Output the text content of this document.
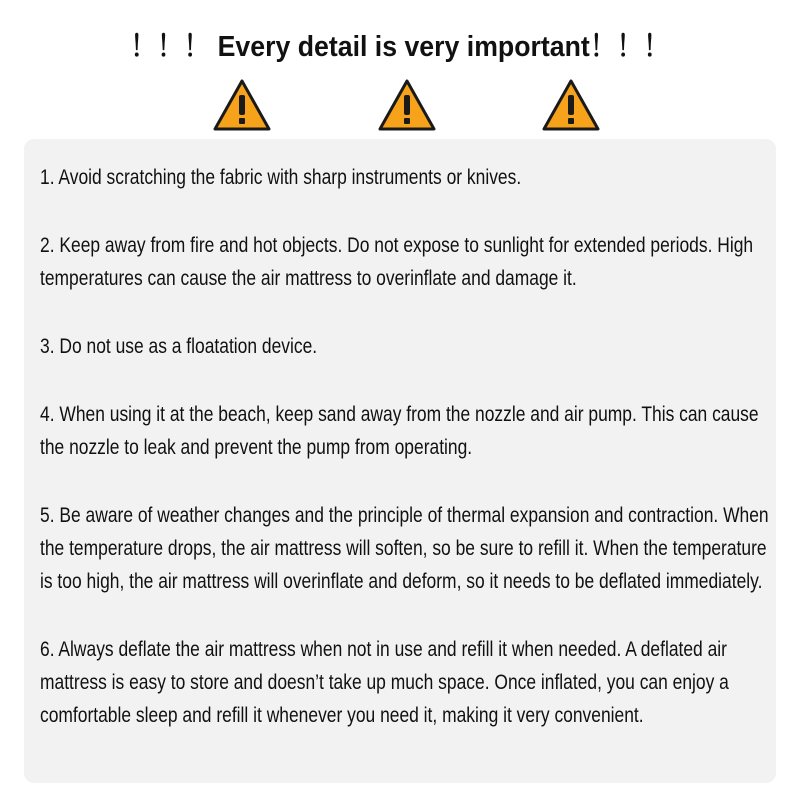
！！！ Every detail is very important！！！
1. Avoid scratching the fabric with sharp instruments or knives.
2. Keep away from fire and hot objects. Do not expose to sunlight for extended periods. High temperatures can cause the air mattress to overinflate and damage it.
3. Do not use as a floatation device.
4. When using it at the beach, keep sand away from the nozzle and air pump. This can cause the nozzle to leak and prevent the pump from operating.
5. Be aware of weather changes and the principle of thermal expansion and contraction. When the temperature drops, the air mattress will soften, so be sure to refill it. When the temperature is too high, the air mattress will overinflate and deform, so it needs to be deflated immediately.
6. Always deflate the air mattress when not in use and refill it when needed. A deflated air mattress is easy to store and doesn’t take up much space. Once inflated, you can enjoy a comfortable sleep and refill it whenever you need it, making it very convenient.
